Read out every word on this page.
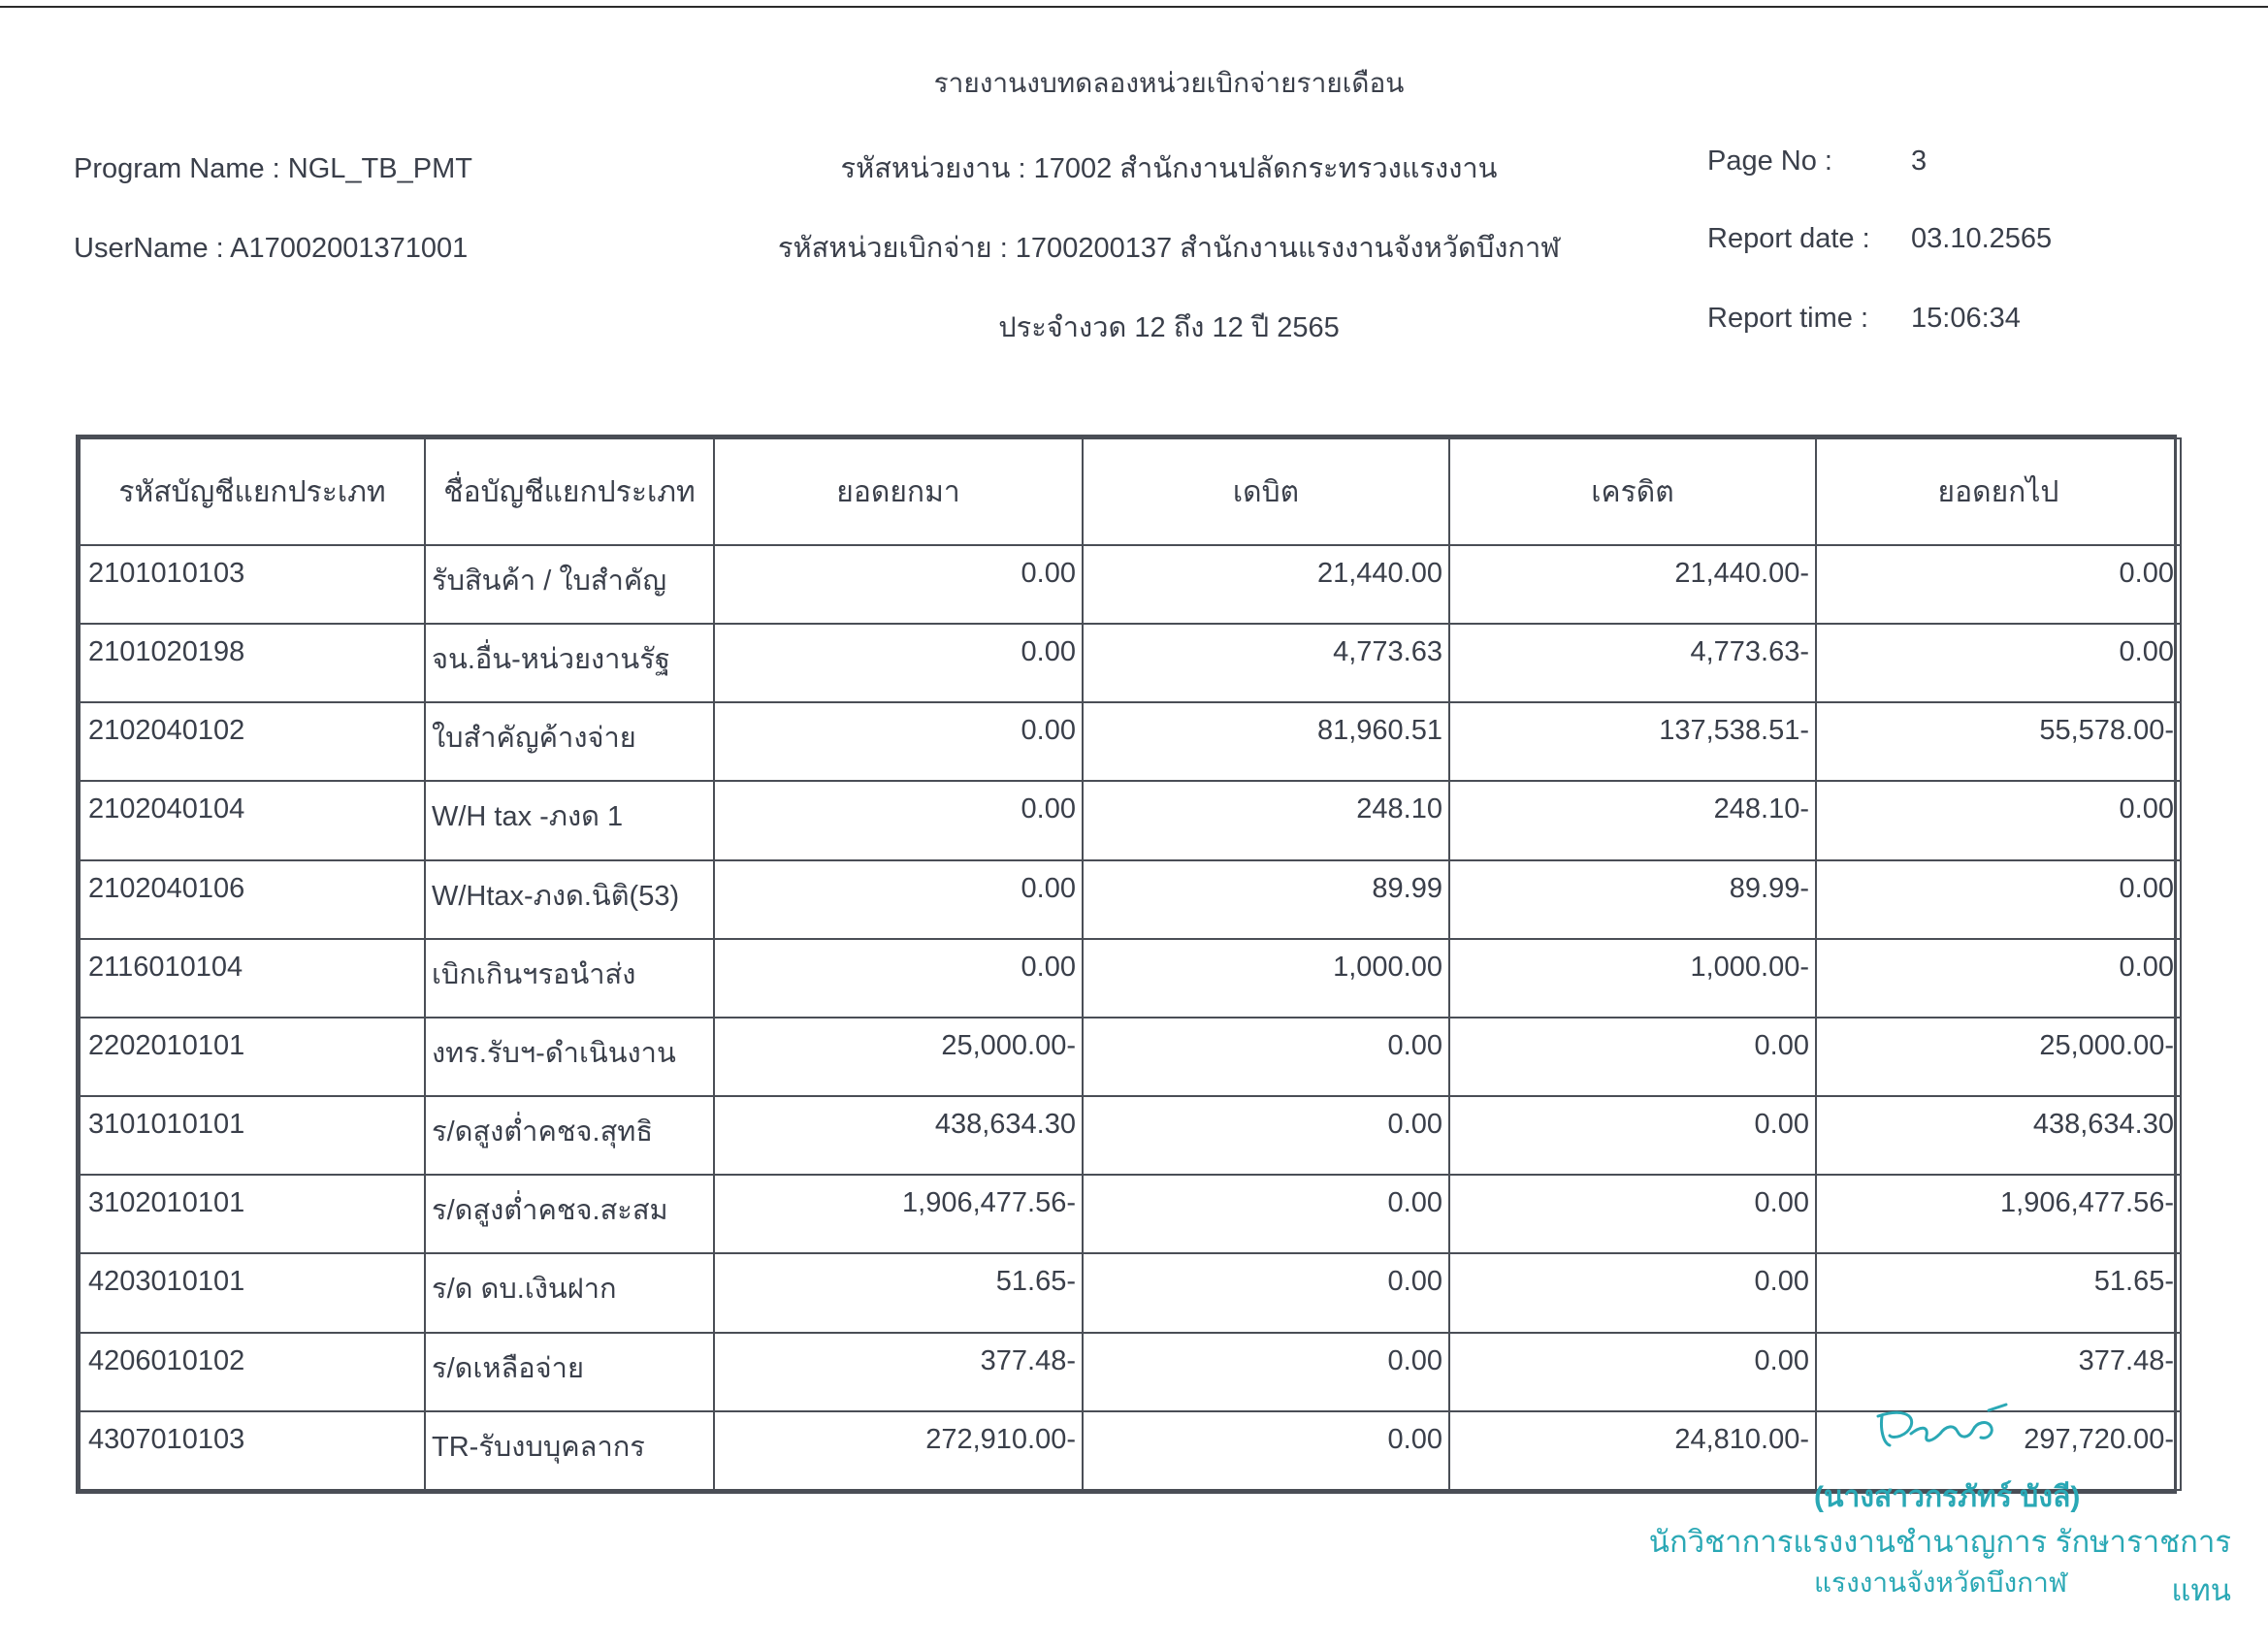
รายงานงบทดลองหน่วยเบิกจ่ายรายเดือน
Program Name : NGL_TB_PMT
UserName : A17002001371001
รหัสหน่วยงาน : 17002 สำนักงานปลัดกระทรวงแรงงาน
รหัสหน่วยเบิกจ่าย : 1700200137 สำนักงานแรงงานจังหวัดบึงกาฬ
ประจำงวด 12 ถึง 12 ปี 2565
Page No :	3
Report date : 03.10.2565
Report time : 15:06:34
รหัสบัญชีแยกประเภท	ชื่อบัญชีแยกประเภท	ยอดยกมา	เดบิต	เครดิต	ยอดยกไป
2101010103	รับสินค้า / ใบสำคัญ	0.00	21,440.00	21,440.00-	0.00
2101020198	จน.อื่น-หน่วยงานรัฐ	0.00	4,773.63	4,773.63-	0.00
2102040102	ใบสำคัญค้างจ่าย	0.00	81,960.51	137,538.51-	55,578.00-
2102040104	W/H tax -ภงด 1	0.00	248.10	248.10-	0.00
2102040106	W/Htax-ภงด.นิติ(53)	0.00	89.99	89.99-	0.00
2116010104	เบิกเกินฯรอนำส่ง	0.00	1,000.00	1,000.00-	0.00
2202010101	งทร.รับฯ-ดำเนินงาน	25,000.00-	0.00	0.00	25,000.00-
3101010101	ร/ดสูงต่ำคชจ.สุทธิ	438,634.30	0.00	0.00	438,634.30
3102010101	ร/ดสูงต่ำคชจ.สะสม	1,906,477.56-	0.00	0.00	1,906,477.56-
4203010101	ร/ด ดบ.เงินฝาก	51.65-	0.00	0.00	51.65-
4206010102	ร/ดเหลือจ่าย	377.48-	0.00	0.00	377.48-
4307010103	TR-รับงบบุคลากร	272,910.00-	0.00	24,810.00-	297,720.00-
(นางสาวกรภัทร์ บังลี)
นักวิชาการแรงงานชำนาญการ รักษาราชการแทน
แรงงานจังหวัดบึงกาฬ
